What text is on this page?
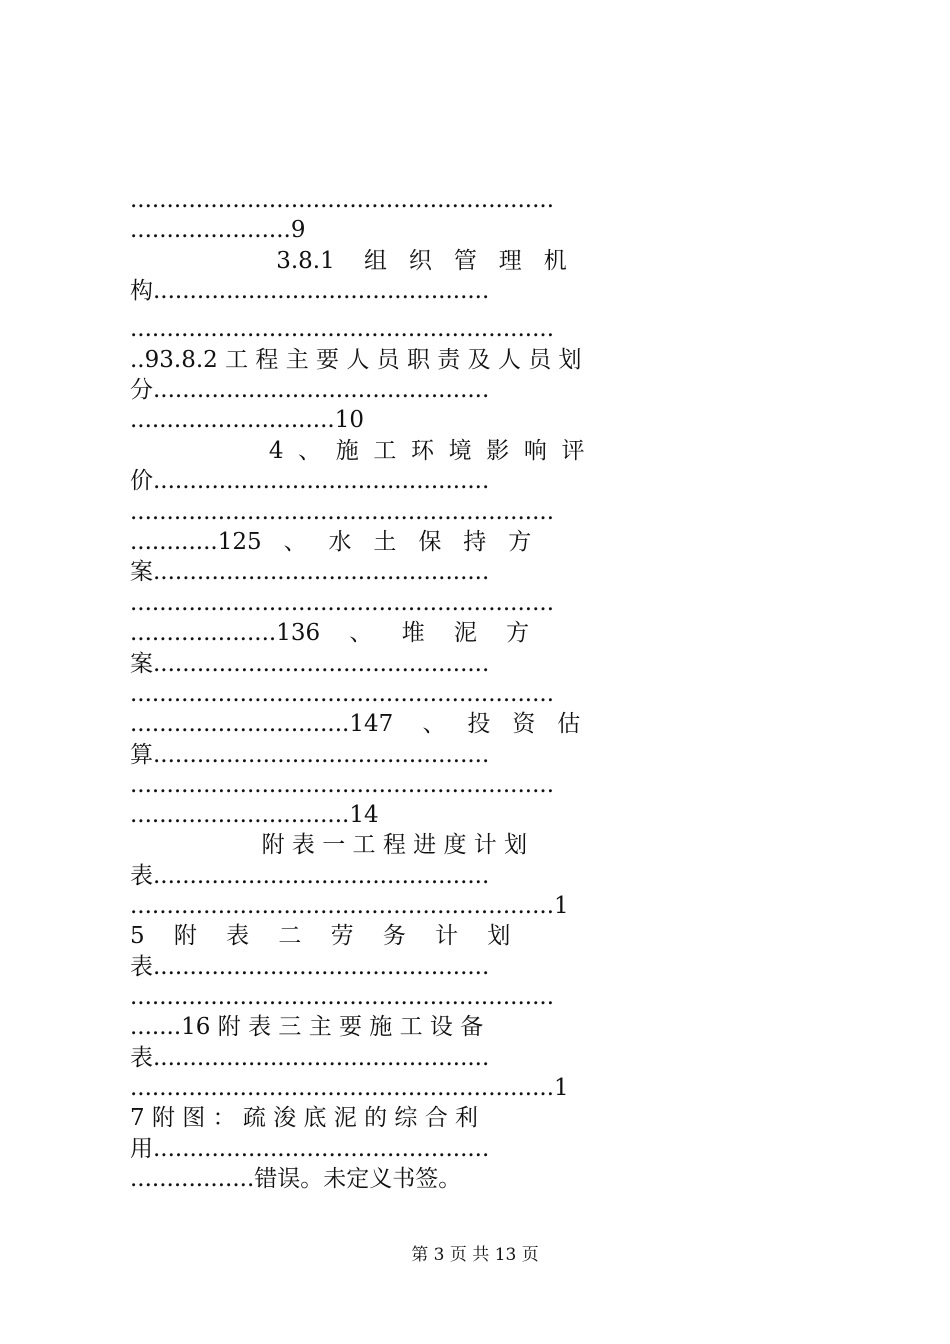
..........................................................
......................9
3.8.1    组   织   管   理   机
构..............................................
..........................................................
..93.8.2 工 程 主 要 人 员 职 责 及 人 员 划
分..............................................
............................10
4  、  施  工  环  境  影  响  评
价..............................................
..........................................................
............125   、   水   土   保   持   方
案..............................................
..........................................................
....................136    、    堆    泥    方
案..............................................
..........................................................
..............................147    、   投   资   估
算..............................................
..........................................................
..............................14
附 表 一 工 程 进 度 计 划
表..............................................
..........................................................1
5    附    表    二    劳    务    计    划
表..............................................
..........................................................
.......16 附 表 三 主 要 施 工 设 备
表..............................................
..........................................................1
7 附 图 ： 疏 浚 底 泥 的 综 合 利
用..............................................
.................错误。未定义书签。
第 3 页 共 13 页
